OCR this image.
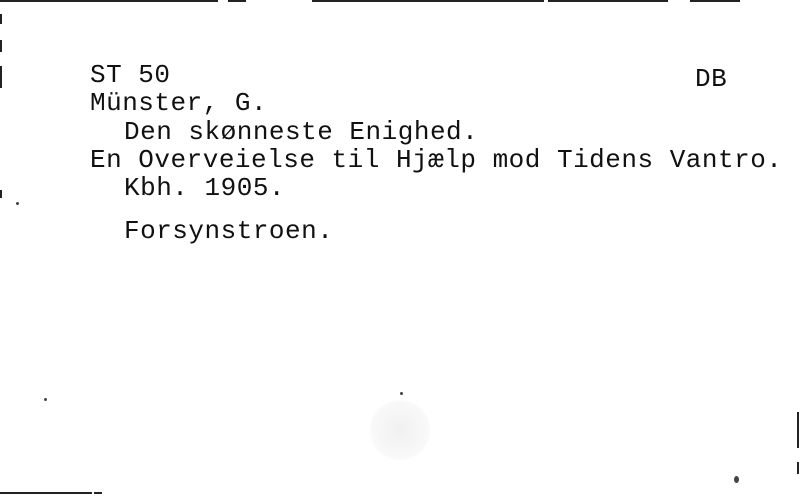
ST 50	DB
Münster, G.
Den skønneste Enighed.
En Overveielse til Hjælp mod Tidens Vantro.
Kbh. 1905.
Forsynstroen.
